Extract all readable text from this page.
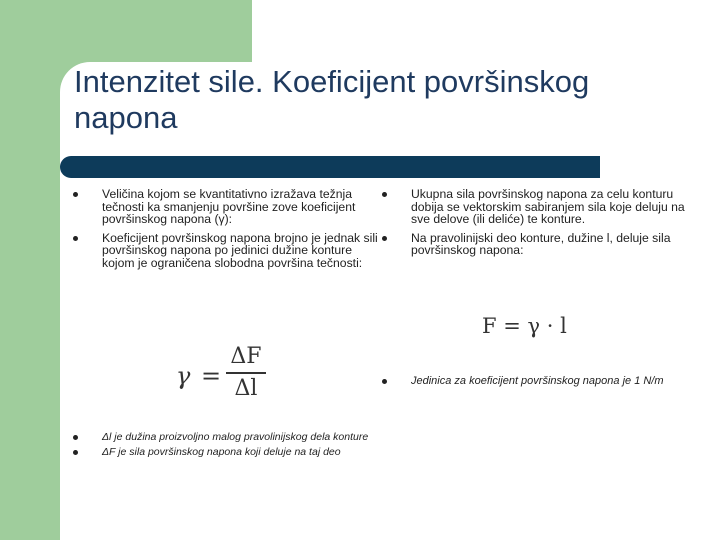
Intenzitet sile. Koeficijent površinskog napona
Veličina kojom se kvantitativno izražava težnja tečnosti ka smanjenju površine zove koeficijent površinskog napona (γ):
Koeficijent površinskog napona brojno je jednak sili površinskog napona po jedinici dužine konture kojom je ograničena slobodna površina tečnosti:
γ =
ΔF
Δl
Δl je dužina proizvoljno malog pravolinijskog dela konture
ΔF je sila površinskog napona koji deluje na taj deo
Ukupna sila površinskog napona za celu konturu dobija se vektorskim sabiranjem sila koje deluju na sve delove (ili deliće) te konture.
Na pravolinijski deo konture, dužine l, deluje sila površinskog napona:
F = γ · l
Jedinica za koeficijent površinskog napona je 1 N/m
